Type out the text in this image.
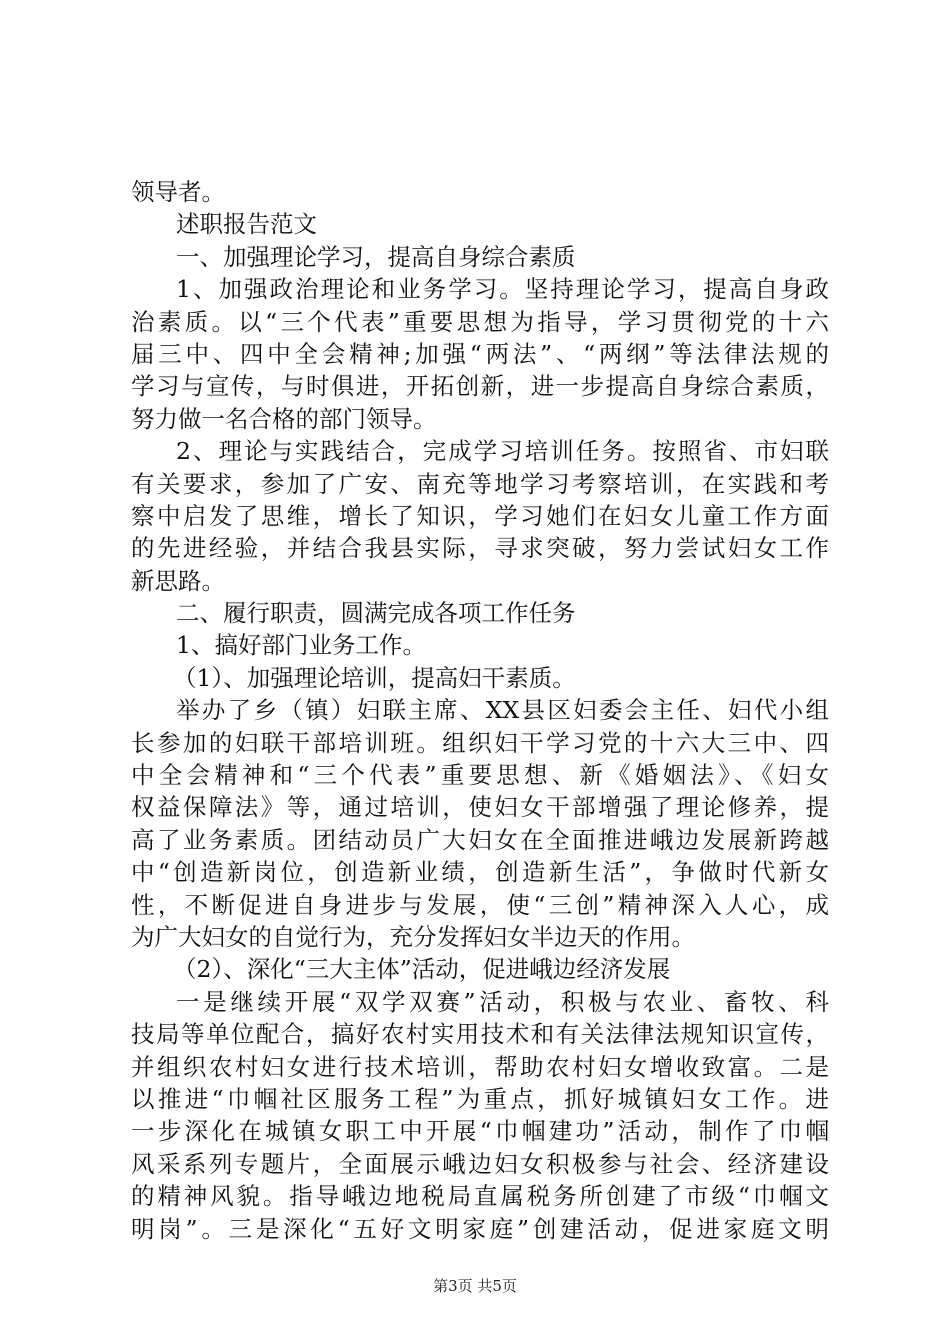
领导者。
述职报告范文
一、加强理论学习，提高自身综合素质
1、加强政治理论和业务学习。坚持理论学习，提高自身政
治素质。以“三个代表”重要思想为指导，学习贯彻党的十六
届三中、四中全会精神;加强“两法”、“两纲”等法律法规的
学习与宣传，与时俱进，开拓创新，进一步提高自身综合素质，
努力做一名合格的部门领导。
2、理论与实践结合，完成学习培训任务。按照省、市妇联
有关要求，参加了广安、南充等地学习考察培训，在实践和考
察中启发了思维，增长了知识，学习她们在妇女儿童工作方面
的先进经验，并结合我县实际，寻求突破，努力尝试妇女工作
新思路。
二、履行职责，圆满完成各项工作任务
1、搞好部门业务工作。
（1）、加强理论培训，提高妇干素质。
举办了乡（镇）妇联主席、XX县区妇委会主任、妇代小组
长参加的妇联干部培训班。组织妇干学习党的十六大三中、四
中全会精神和“三个代表”重要思想、新《婚姻法》、《妇女
权益保障法》等，通过培训，使妇女干部增强了理论修养，提
高了业务素质。团结动员广大妇女在全面推进峨边发展新跨越
中“创造新岗位，创造新业绩，创造新生活”，争做时代新女
性，不断促进自身进步与发展，使“三创”精神深入人心，成
为广大妇女的自觉行为，充分发挥妇女半边天的作用。
（2）、深化“三大主体”活动，促进峨边经济发展
一是继续开展“双学双赛”活动，积极与农业、畜牧、科
技局等单位配合，搞好农村实用技术和有关法律法规知识宣传，
并组织农村妇女进行技术培训，帮助农村妇女增收致富。二是
以推进“巾帼社区服务工程”为重点，抓好城镇妇女工作。进
一步深化在城镇女职工中开展“巾帼建功”活动，制作了巾帼
风采系列专题片，全面展示峨边妇女积极参与社会、经济建设
的精神风貌。指导峨边地税局直属税务所创建了市级“巾帼文
明岗”。三是深化“五好文明家庭”创建活动，促进家庭文明
第3页 共5页
